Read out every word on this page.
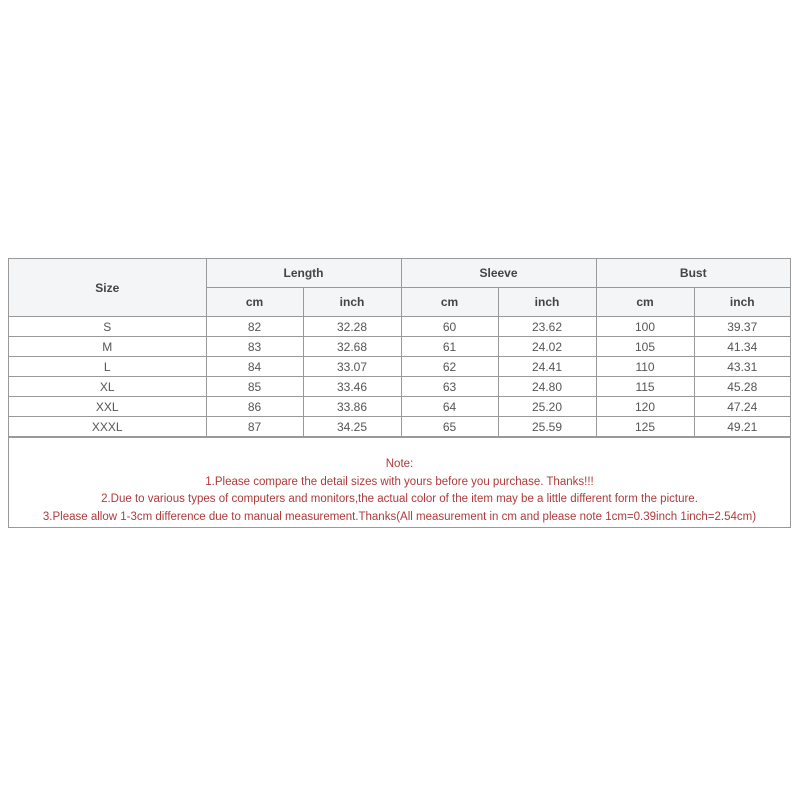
Size	Length		Sleeve		Bust	
	cm	inch	cm	inch	cm	inch
S	82	32.28	60	23.62	100	39.37
M	83	32.68	61	24.02	105	41.34
L	84	33.07	62	24.41	110	43.31
XL	85	33.46	63	24.80	115	45.28
XXL	86	33.86	64	25.20	120	47.24
XXXL	87	34.25	65	25.59	125	49.21
Note:
1.Please compare the detail sizes with yours before you purchase. Thanks!!!
2.Due to various types of computers and monitors,the actual color of the item may be a little different form the picture.
3.Please allow 1-3cm difference due to manual measurement.Thanks(All measurement in cm and please note 1cm=0.39inch 1inch=2.54cm)
